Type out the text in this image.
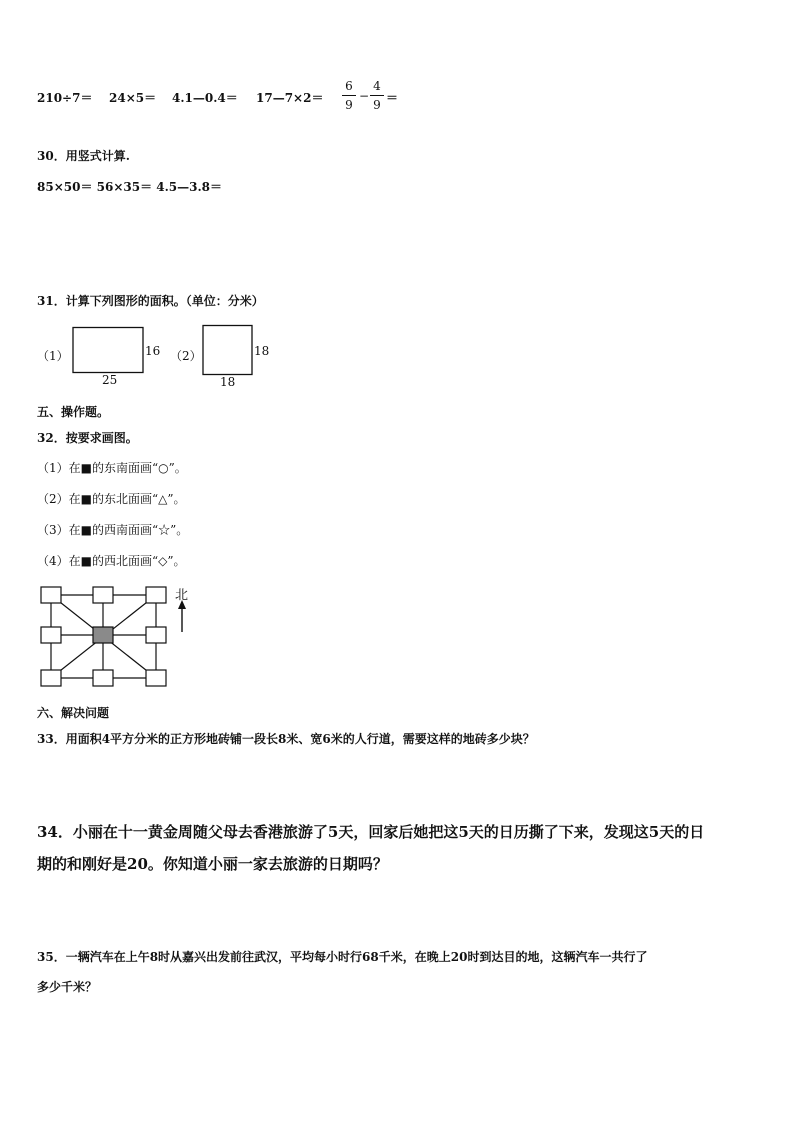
210÷7＝ 24×5＝ 4.1—0.4＝ 17—7×2＝
6
9
−
4
9 ＝
30．用竖式计算.
85×50＝ 56×35＝ 4.5—3.8＝
31．计算下列图形的面积。（单位：分米）
（1）	16
25
（2）	18
18
五、操作题。
32．按要求画图。
（1）在■的东南面画“○”。
（2）在■的东北面画“△”。
（3）在■的西南面画“☆”。
（4）在■的西北面画“◇”。
北
六、解决问题
33．用面积4平方分米的正方形地砖铺一段长8米、宽6米的人行道，需要这样的地砖多少块？
34．小丽在十一黄金周随父母去香港旅游了5天，回家后她把这5天的日历撕了下来，发现这5天的日
期的和刚好是20。你知道小丽一家去旅游的日期吗？
35．一辆汽车在上午8时从嘉兴出发前往武汉，平均每小时行68千米，在晚上20时到达目的地，这辆汽车一共行了
多少千米？
